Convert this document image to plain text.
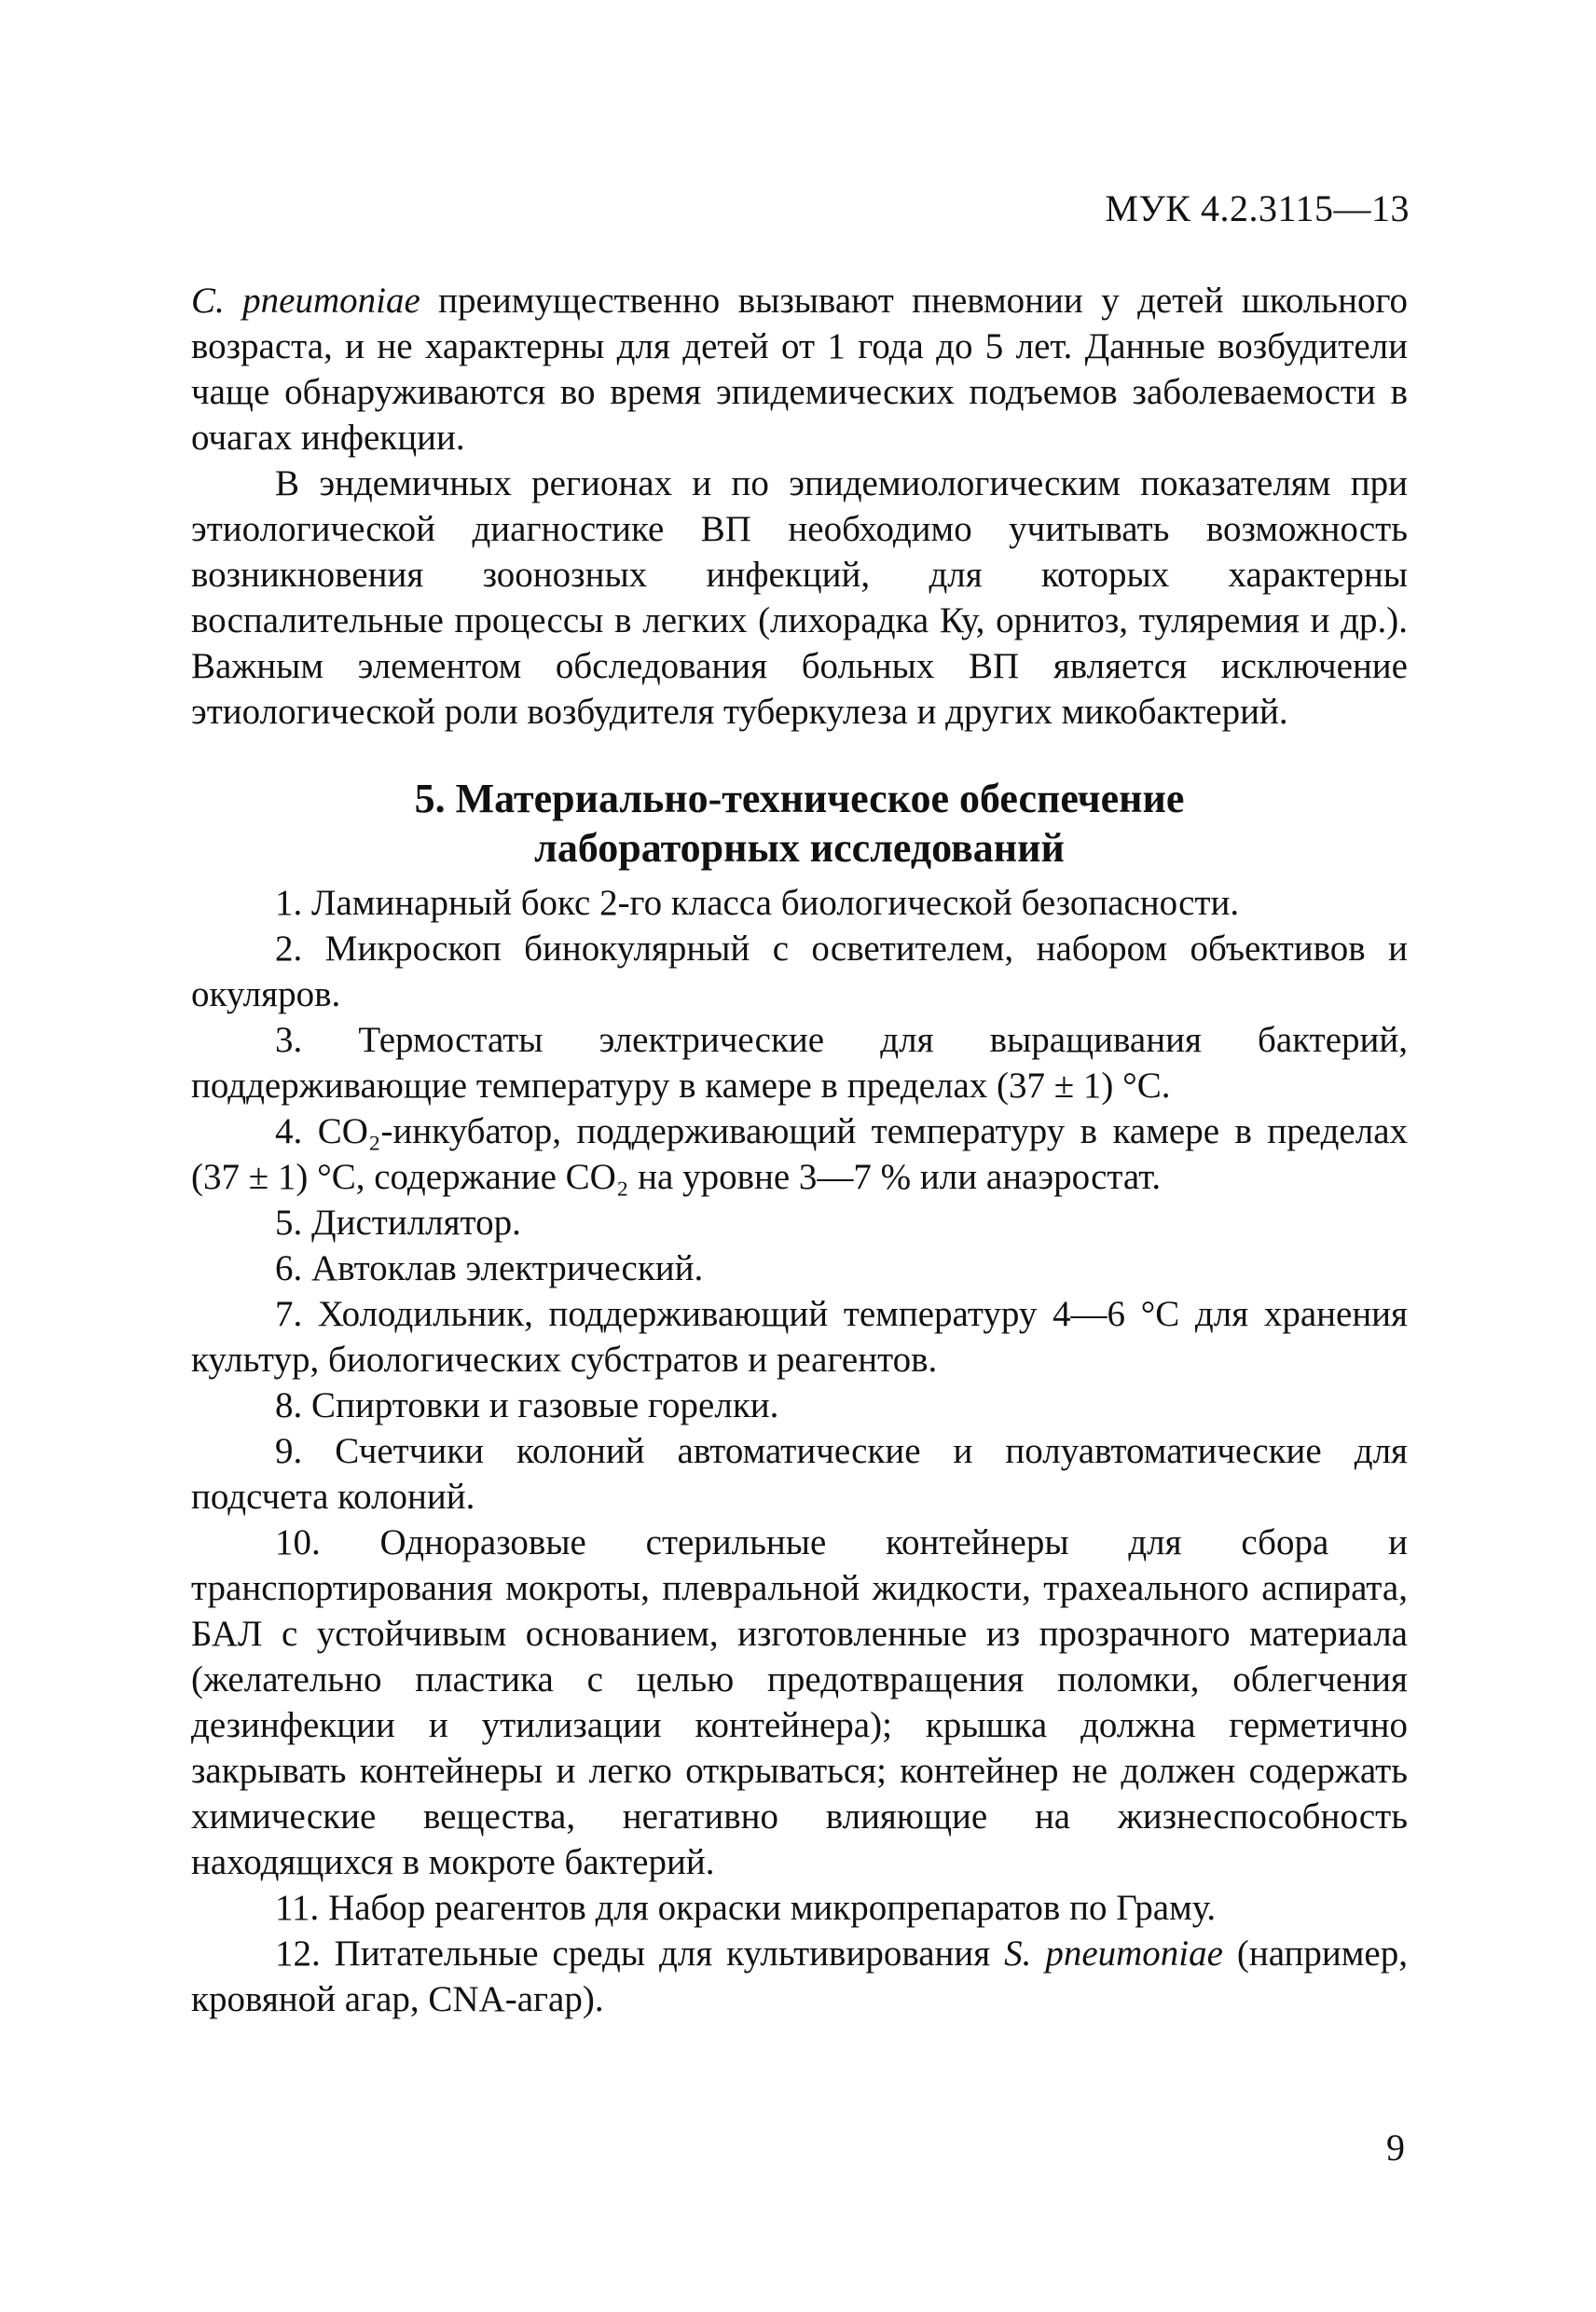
МУК 4.2.3115—13

C. pneumoniae преимущественно вызывают пневмонии у детей школьного возраста, и не характерны для детей от 1 года до 5 лет. Данные возбудители чаще обнаруживаются во время эпидемических подъемов заболеваемости в очагах инфекции.

В эндемичных регионах и по эпидемиологическим показателям при этиологической диагностике ВП необходимо учитывать возможность возникновения зоонозных инфекций, для которых характерны воспалительные процессы в легких (лихорадка Ку, орнитоз, туляремия и др.). Важным элементом обследования больных ВП является исключение этиологической роли возбудителя туберкулеза и других микобактерий.

5. Материально-техническое обеспечение
лабораторных исследований

1. Ламинарный бокс 2-го класса биологической безопасности.

2. Микроскоп бинокулярный с осветителем, набором объективов и окуляров.

3. Термостаты электрические для выращивания бактерий, поддерживающие температуру в камере в пределах (37 ± 1) °С.

4. CO₂-инкубатор, поддерживающий температуру в камере в пределах (37 ± 1) °С, содержание CO₂ на уровне 3—7 % или анаэростат.

5. Дистиллятор.

6. Автоклав электрический.

7. Холодильник, поддерживающий температуру 4—6 °С для хранения культур, биологических субстратов и реагентов.

8. Спиртовки и газовые горелки.

9. Счетчики колоний автоматические и полуавтоматические для подсчета колоний.

10. Одноразовые стерильные контейнеры для сбора и транспортирования мокроты, плевральной жидкости, трахеального аспирата, БАЛ с устойчивым основанием, изготовленные из прозрачного материала (желательно пластика с целью предотвращения поломки, облегчения дезинфекции и утилизации контейнера); крышка должна герметично закрывать контейнеры и легко открываться; контейнер не должен содержать химические вещества, негативно влияющие на жизнеспособность находящихся в мокроте бактерий.

11. Набор реагентов для окраски микропрепаратов по Граму.

12. Питательные среды для культивирования S. pneumoniae (например, кровяной агар, CNA-агар).

9
